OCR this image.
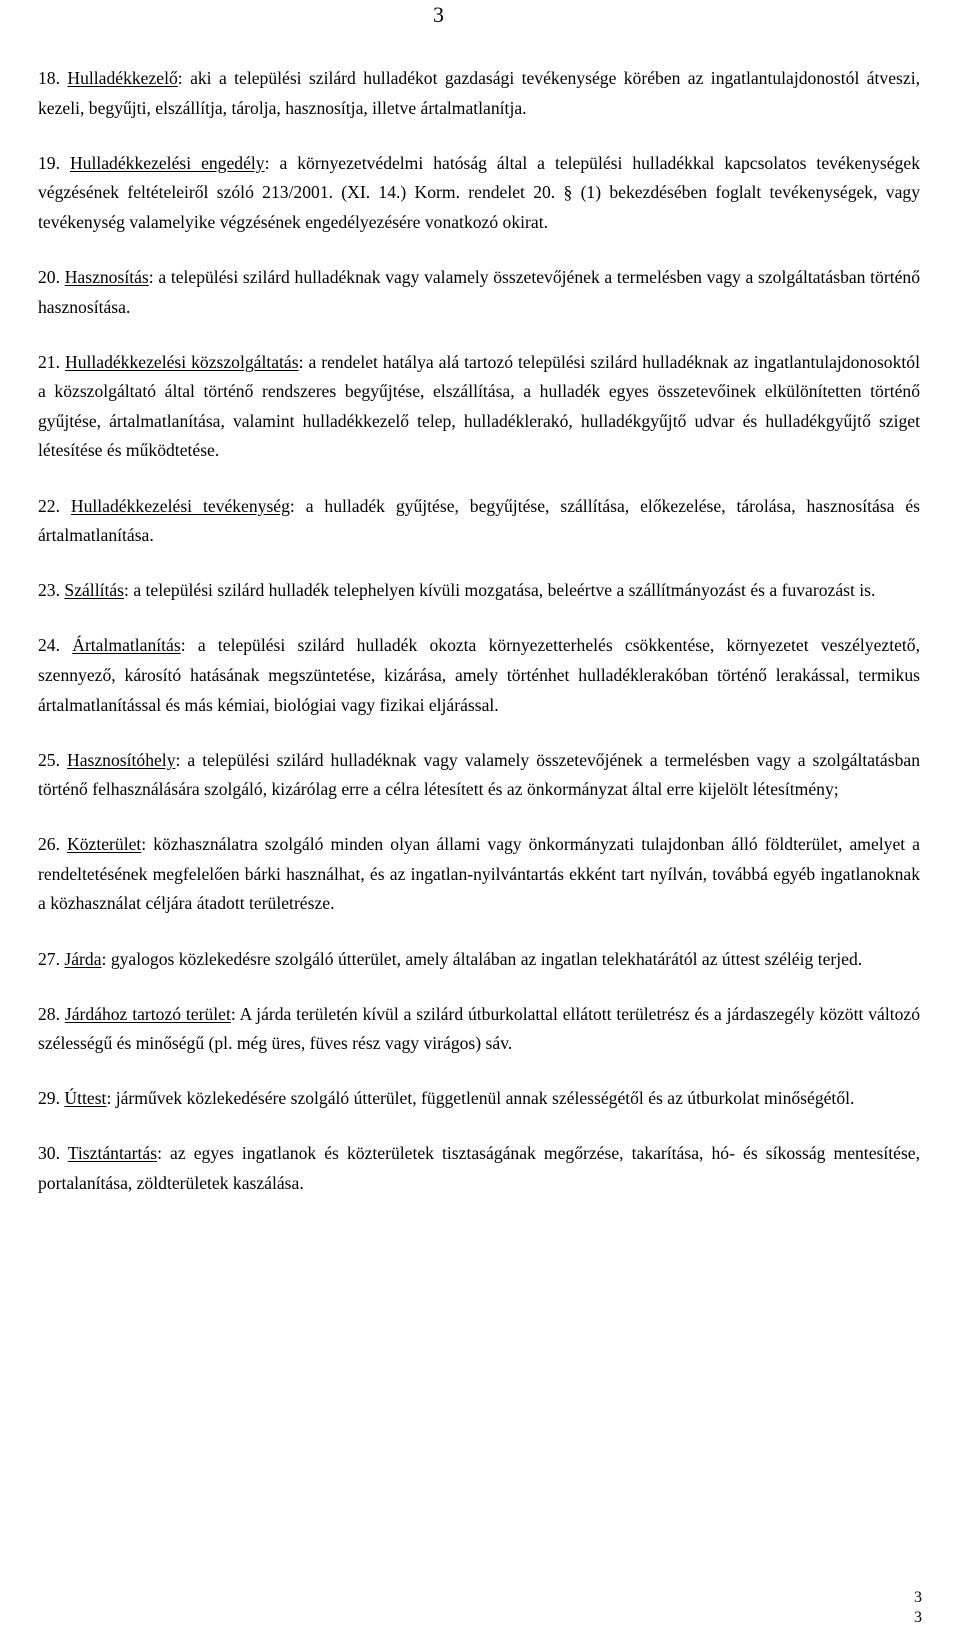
3
18. Hulladékkezelő: aki a települési szilárd hulladékot gazdasági tevékenysége körében az ingatlantulajdonostól átveszi, kezeli, begyűjti, elszállítja, tárolja, hasznosítja, illetve ártalmatlanítja.
19. Hulladékkezelési engedély: a környezetvédelmi hatóság által a települési hulladékkal kapcsolatos tevékenységek végzésének feltételeiről szóló 213/2001. (XI. 14.) Korm. rendelet 20. § (1) bekezdésében foglalt tevékenységek, vagy tevékenység valamelyike végzésének engedélyezésére vonatkozó okirat.
20. Hasznosítás: a települési szilárd hulladéknak vagy valamely összetevőjének a termelésben vagy a szolgáltatásban történő hasznosítása.
21. Hulladékkezelési közszolgáltatás: a rendelet hatálya alá tartozó települési szilárd hulladéknak az ingatlantulajdonosoktól a közszolgáltató által történő rendszeres begyűjtése, elszállítása, a hulladék egyes összetevőinek elkülönítetten történő gyűjtése, ártalmatlanítása, valamint hulladékkezelő telep, hulladéklerakó, hulladékgyűjtő udvar és hulladékgyűjtő sziget létesítése és működtetése.
22. Hulladékkezelési tevékenység: a hulladék gyűjtése, begyűjtése, szállítása, előkezelése, tárolása, hasznosítása és ártalmatlanítása.
23. Szállítás: a települési szilárd hulladék telephelyen kívüli mozgatása, beleértve a szállítmányozást és a fuvarozást is.
24. Ártalmatlanítás: a települési szilárd hulladék okozta környezetterhelés csökkentése, környezetet veszélyeztető, szennyező, károsító hatásának megszüntetése, kizárása, amely történhet hulladéklerakóban történő lerakással, termikus ártalmatlanítással és más kémiai, biológiai vagy fizikai eljárással.
25. Hasznosítóhely: a települési szilárd hulladéknak vagy valamely összetevőjének a termelésben vagy a szolgáltatásban történő felhasználására szolgáló, kizárólag erre a célra létesített és az önkormányzat által erre kijelölt létesítmény;
26. Közterület: közhasználatra szolgáló minden olyan állami vagy önkormányzati tulajdonban álló földterület, amelyet a rendeltetésének megfelelően bárki használhat, és az ingatlan-nyilvántartás ekként tart nyílván, továbbá egyéb ingatlanoknak a közhasználat céljára átadott területrésze.
27. Járda: gyalogos közlekedésre szolgáló útterület, amely általában az ingatlan telekhatárától az úttest széléig terjed.
28. Járdához tartozó terület: A járda területén kívül a szilárd útburkolattal ellátott területrész és a járdaszegély között változó szélességű és minőségű (pl. még üres, füves rész vagy virágos) sáv.
29. Úttest: járművek közlekedésére szolgáló útterület, függetlenül annak szélességétől és az útburkolat minőségétől.
30. Tisztántartás: az egyes ingatlanok és közterületek tisztaságának megőrzése, takarítása, hó- és síkosság mentesítése, portalanítása, zöldterületek kaszálása.
3
3
